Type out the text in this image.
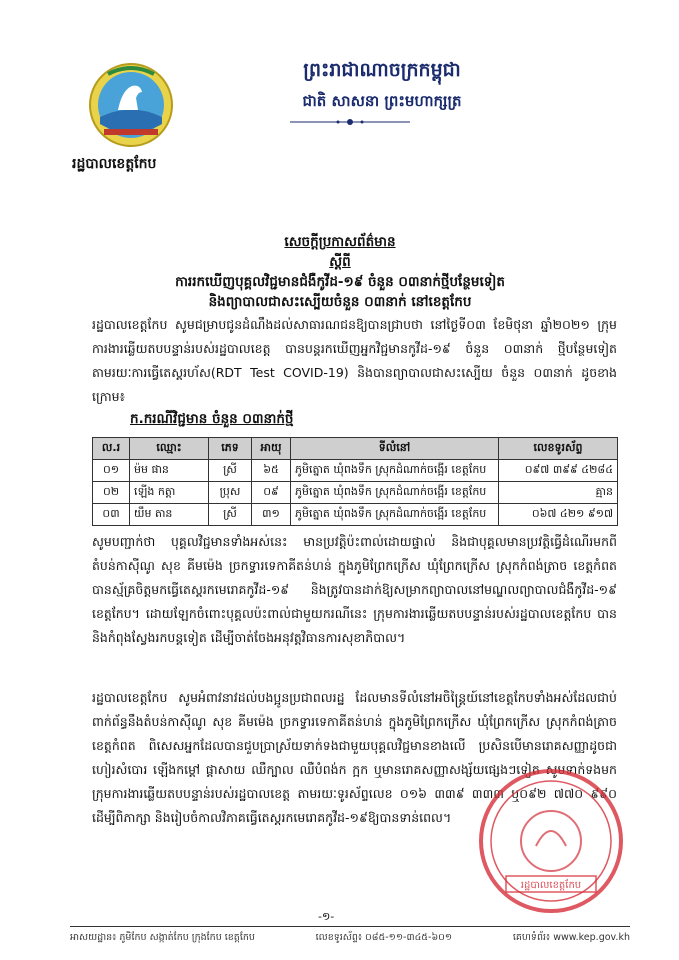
រដ្ឋបាលខេត្តកែប
ព្រះរាជាណាចក្រកម្ពុជា
ជាតិ សាសនា ព្រះមហាក្សត្រ
សេចក្តីប្រកាសព័ត៌មាន
ស្តីពី
ការរកឃើញបុគ្គលវិជ្ជមានជំងឺកូវីដ-១៩ ចំនួន ០៣នាក់ថ្មីបន្ថែមទៀត
និងព្យាបាលជាសះស្បើយចំនួន ០៣នាក់ នៅខេត្តកែប
រដ្ឋបាលខេត្តកែប សូមជម្រាបជូនដំណឹងដល់សាធារណជនឱ្យបានជ្រាបថា នៅថ្ងៃទី០៣ ខែមិថុនា ឆ្នាំ២០២១ ក្រុមការងារឆ្លើយតបបន្ទាន់របស់រដ្ឋបាលខេត្ត បានបន្តរកឃើញអ្នកវិជ្ជមានកូវីដ-១៩ ចំនួន ០៣នាក់ ថ្មីបន្ថែមទៀត តាមរយៈការធ្វើតេស្តរហ័ស(RDT Test COVID-19) និងបានព្យាបាលជាសះស្បើយ ចំនួន ០៣នាក់ ដូចខាងក្រោម៖
ក.ករណីវិជ្ជមាន ចំនួន ០៣នាក់ថ្មី
ល.រ	ឈ្មោះ	ភេទ	អាយុ	ទីលំនៅ	លេខទូរស័ព្ទ
០១	ម៉ម ផាន	ស្រី	៦៥	ភូមិត្នោត ឃុំពងទឹក ស្រុកដំណាក់ចង្អើរ ខេត្តកែប	០៩៧ ៣៩៩ ៤២៨៤
០២	ឡើង កត្តា	ប្រុស	០៩	ភូមិត្នោត ឃុំពងទឹក ស្រុកដំណាក់ចង្អើរ ខេត្តកែប	គ្មាន
០៣	យឹម តាន	ស្រី	៣១	ភូមិត្នោត ឃុំពងទឹក ស្រុកដំណាក់ចង្អើរ ខេត្តកែប	០៦៧ ៤២១ ៩១៧
សូមបញ្ជាក់ថា បុគ្គលវិជ្ជមានទាំងអស់នេះ មានប្រវត្តិប៉ះពាល់ដោយផ្ទាល់ និងជាបុគ្គលមានប្រវត្តិធ្វើដំណើរមកពីតំបន់កាស៊ីណូ សុខ គីមម៉េង ច្រកទ្វារទេកាគីតន់ហន់ ក្នុងភូមិព្រែកក្រើស ឃុំព្រែកក្រើស ស្រុកកំពង់ត្រាច ខេត្តកំពត បានស្ម័គ្រចិត្តមកធ្វើតេស្តរកមេរោគកូវីដ-១៩ និងត្រូវបានដាក់ឱ្យសម្រាកព្យាបាលនៅមណ្ឌលព្យាបាលជំងឺកូវីដ-១៩ ខេត្តកែប។ ដោយឡែកចំពោះបុគ្គលប៉ះពាល់ជាមួយករណីនេះ ក្រុមការងារឆ្លើយតបបន្ទាន់របស់រដ្ឋបាលខេត្តកែប បាន និងកំពុងស្វែងរកបន្តទៀត ដើម្បីចាត់ចែងអនុវត្តវិធានការសុខាភិបាល។
រដ្ឋបាលខេត្តកែប សូមអំពាវនាវដល់បងប្អូនប្រជាពលរដ្ឋ ដែលមានទីលំនៅអចិន្ត្រៃយ៍នៅខេត្តកែបទាំងអស់ដែលជាប់ពាក់ព័ន្ធនឹងតំបន់កាស៊ីណូ សុខ គីមម៉េង ច្រកទ្វារទេកាគីតន់ហន់ ក្នុងភូមិព្រែកក្រើស ឃុំព្រែកក្រើស ស្រុកកំពង់ត្រាច ខេត្តកំពត ពិសេសអ្នកដែលបានជួបប្រាស្រ័យទាក់ទងជាមួយបុគ្គលវិជ្ជមានខាងលើ ប្រសិនបើមានរោគសញ្ញាដូចជា ហៀរសំបោរ ឡើងកម្តៅ ផ្តាសាយ ឈឺក្បាល ឈឺបំពង់ក ក្អក ឬមានរោគសញ្ញាសង្ស័យផ្សេងៗទៀត សូមទាក់ទងមកក្រុមការងារឆ្លើយតបបន្ទាន់របស់រដ្ឋបាលខេត្ត តាមរយៈទូរស័ព្ទលេខ ០១៦ ៣៣៩ ៣៣៣ ឬ០៩២ ៧៧០ ៩៩០ ដើម្បីពិភាក្សា និងរៀបចំកាលវិភាគធ្វើតេស្តរកមេរោគកូវីដ-១៩ឱ្យបានទាន់ពេល។
រដ្ឋបាលខេត្តកែប
-១-
អាសយដ្ឋាន៖ ភូមិកែប សង្កាត់កែប ក្រុងកែប ខេត្តកែប	លេខទូរស័ព្ទ៖ ០៨៥-១១-៣៤៥-៦០១	គេហទំព័រ៖ www.kep.gov.kh
